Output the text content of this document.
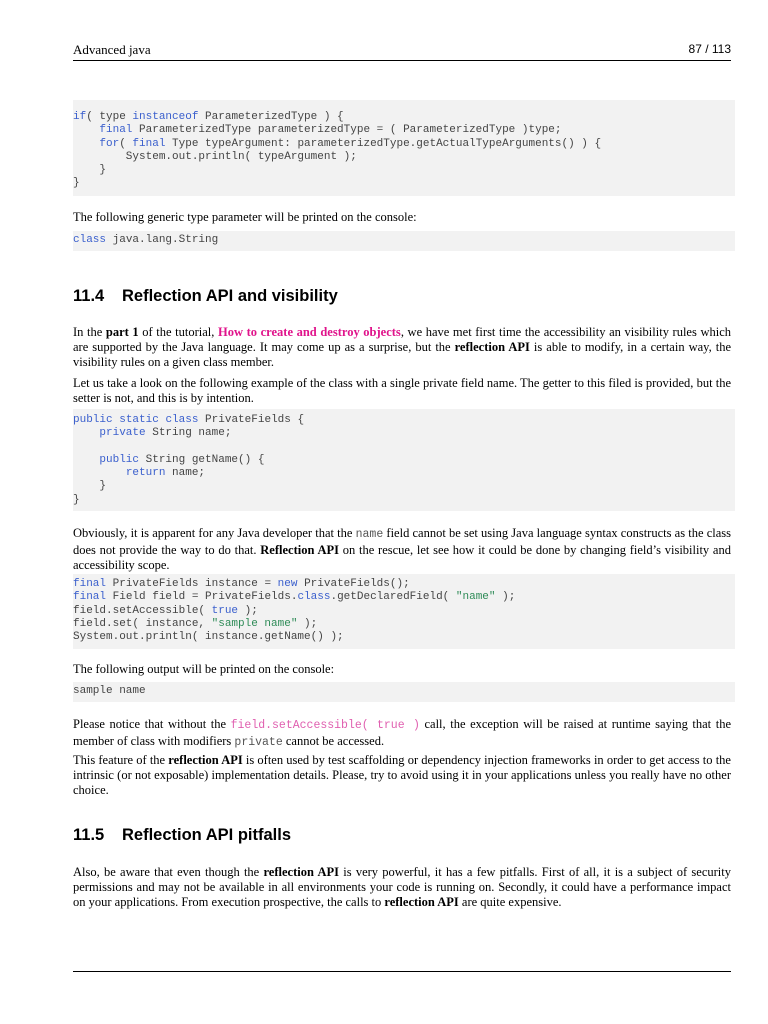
Advanced java	87 / 113
if( type instanceof ParameterizedType ) {
final ParameterizedType parameterizedType = ( ParameterizedType )type;
for( final Type typeArgument: parameterizedType.getActualTypeArguments() ) {
System.out.println( typeArgument );
}
}
The following generic type parameter will be printed on the console:
class java.lang.String
11.4 Reflection API and visibility
In the part 1 of the tutorial, How to create and destroy objects, we have met first time the accessibility an visibility rules which are supported by the Java language. It may come up as a surprise, but the reflection API is able to modify, in a certain way, the visibility rules on a given class member.
Let us take a look on the following example of the class with a single private field name. The getter to this filed is provided, but the setter is not, and this is by intention.
public static class PrivateFields {
private String name;
public String getName() {
return name;
}
}
Obviously, it is apparent for any Java developer that the name field cannot be set using Java language syntax constructs as the class does not provide the way to do that. Reflection API on the rescue, let see how it could be done by changing field’s visibility and accessibility scope.
final PrivateFields instance = new PrivateFields();
final Field field = PrivateFields.class.getDeclaredField( "name" );
field.setAccessible( true );
field.set( instance, "sample name" );
System.out.println( instance.getName() );
The following output will be printed on the console:
sample name
Please notice that without the field.setAccessible( true ) call, the exception will be raised at runtime saying that the member of class with modifiers private cannot be accessed.
This feature of the reflection API is often used by test scaffolding or dependency injection frameworks in order to get access to the intrinsic (or not exposable) implementation details. Please, try to avoid using it in your applications unless you really have no other choice.
11.5 Reflection API pitfalls
Also, be aware that even though the reflection API is very powerful, it has a few pitfalls. First of all, it is a subject of security permissions and may not be available in all environments your code is running on. Secondly, it could have a performance impact on your applications. From execution prospective, the calls to reflection API are quite expensive.
